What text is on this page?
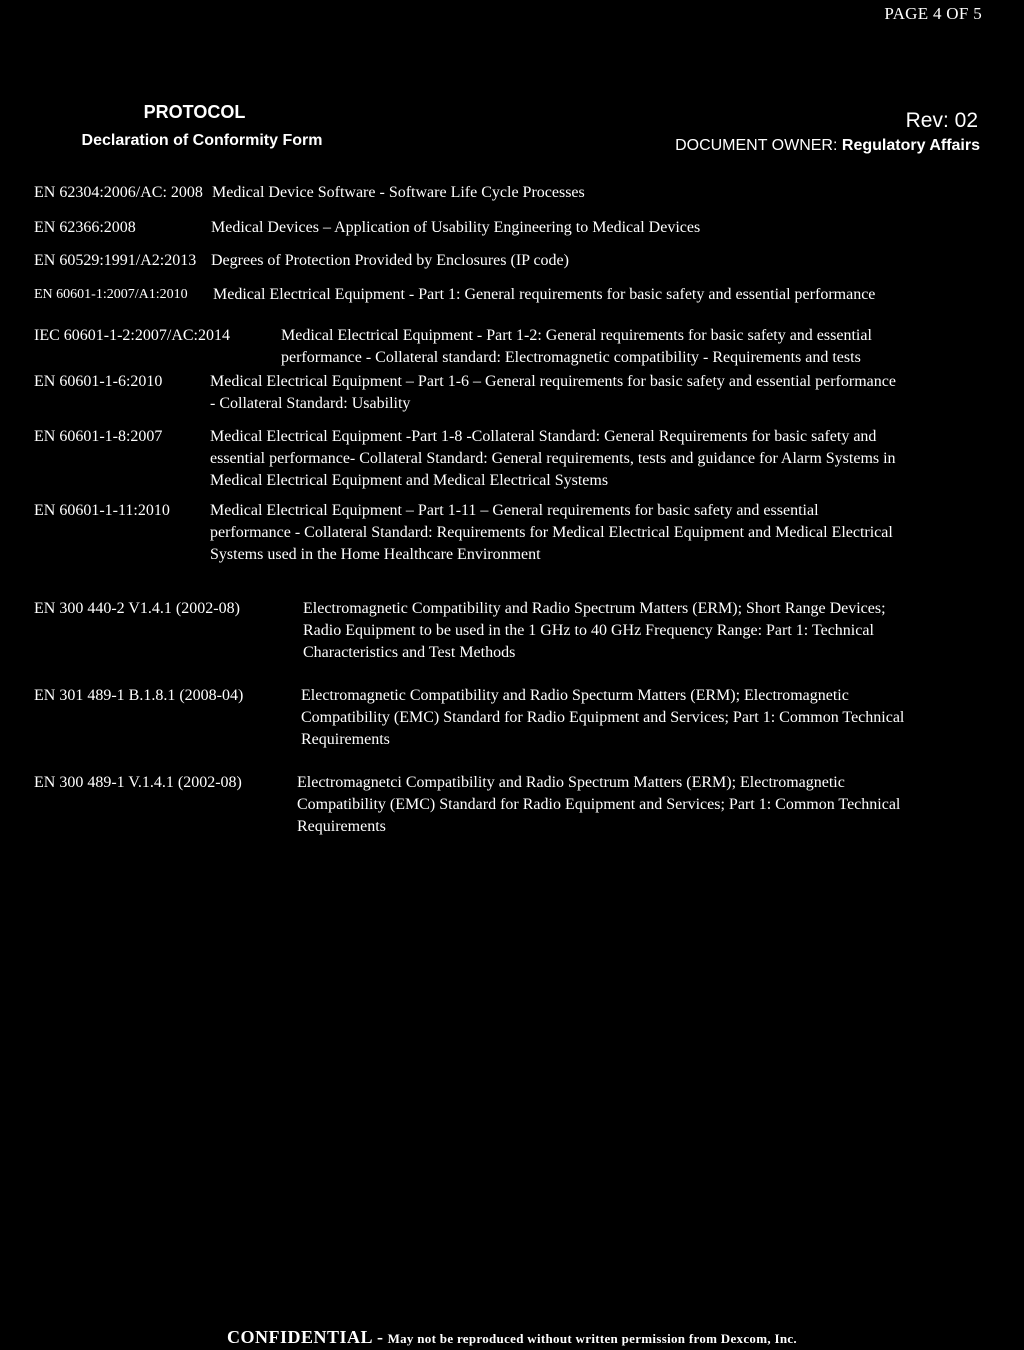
PAGE 4 OF 5
PROTOCOL
Declaration of Conformity Form
Rev: 02
DOCUMENT OWNER: Regulatory Affairs
EN 62304:2006/AC: 2008 Medical Device Software - Software Life Cycle Processes
EN 62366:2008	Medical Devices – Application of Usability Engineering to Medical Devices
EN 60529:1991/A2:2013 Degrees of Protection Provided by Enclosures (IP code)
EN 60601-1:2007/A1:2010 Medical Electrical Equipment - Part 1: General requirements for basic safety and essential performance
IEC 60601-1-2:2007/AC:2014	Medical Electrical Equipment - Part 1-2: General requirements for basic safety and essential
performance - Collateral standard: Electromagnetic compatibility - Requirements and tests
EN 60601-1-6:2010	Medical Electrical Equipment – Part 1-6 – General requirements for basic safety and essential performance
- Collateral Standard: Usability
EN 60601-1-8:2007	Medical Electrical Equipment -Part 1-8 -Collateral Standard: General Requirements for basic safety and
essential performance- Collateral Standard: General requirements, tests and guidance for Alarm Systems in
Medical Electrical Equipment and Medical Electrical Systems
EN 60601-1-11:2010	Medical Electrical Equipment – Part 1-11 – General requirements for basic safety and essential
performance - Collateral Standard: Requirements for Medical Electrical Equipment and Medical Electrical
Systems used in the Home Healthcare Environment
EN 300 440-2 V1.4.1 (2002-08)	Electromagnetic Compatibility and Radio Spectrum Matters (ERM); Short Range Devices;
Radio Equipment to be used in the 1 GHz to 40 GHz Frequency Range: Part 1: Technical
Characteristics and Test Methods
EN 301 489-1 B.1.8.1 (2008-04)	Electromagnetic Compatibility and Radio Specturm Matters (ERM); Electromagnetic
Compatibility (EMC) Standard for Radio Equipment and Services; Part 1: Common Technical
Requirements
EN 300 489-1 V.1.4.1 (2002-08)	Electromagnetci Compatibility and Radio Spectrum Matters (ERM); Electromagnetic
Compatibility (EMC) Standard for Radio Equipment and Services; Part 1: Common Technical
Requirements
CONFIDENTIAL - May not be reproduced without written permission from Dexcom, Inc.
